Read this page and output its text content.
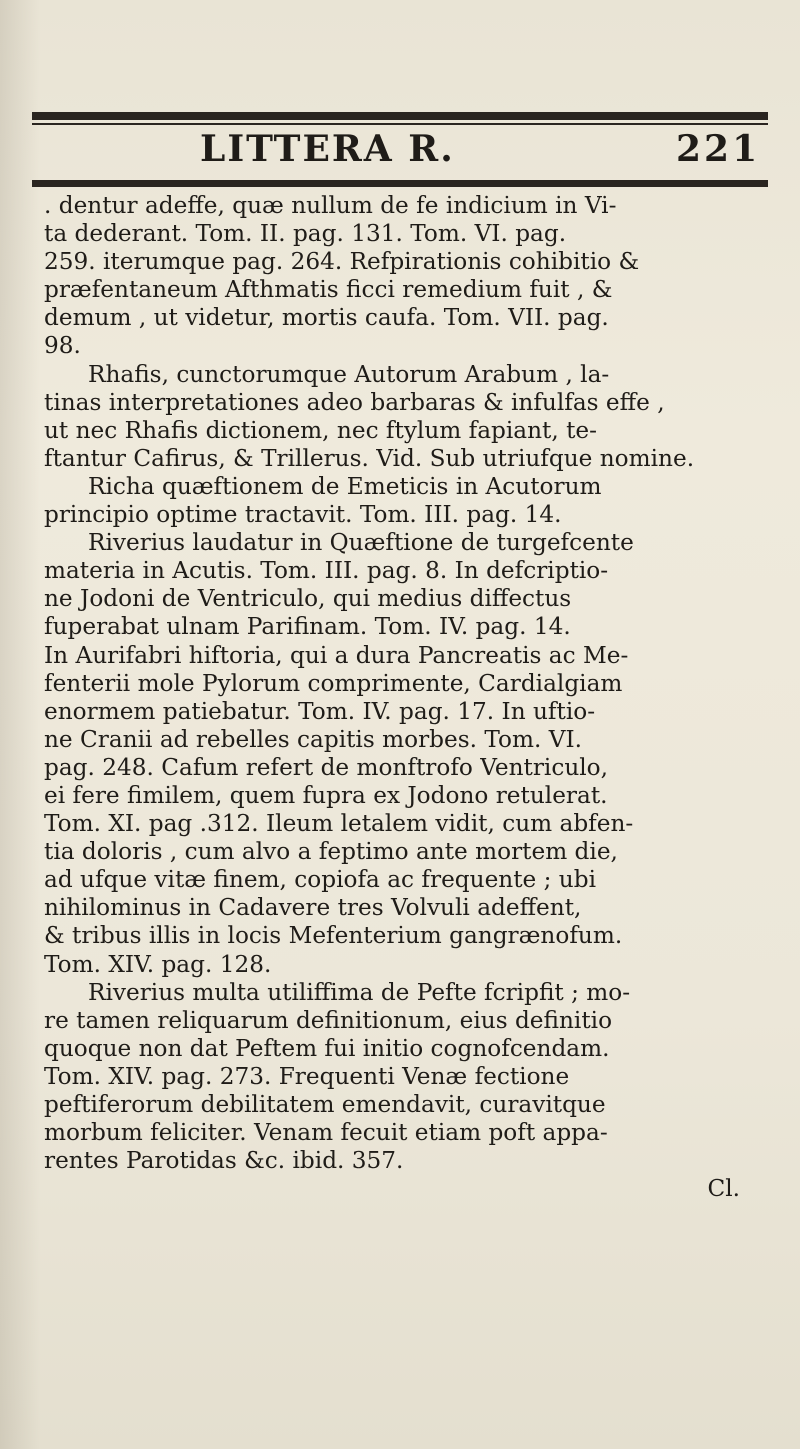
LITTERA R.	221
. dentur adeffe, quæ nullum de fe indicium in Vi-
ta dederant. Tom. II. pag. 131. Tom. VI. pag.
259. iterumque pag. 264. Refpirationis cohibitio &
præfentaneum Afthmatis ficci remedium fuit , &
demum , ut videtur, mortis caufa. Tom. VII. pag.
98.
Rhafis, cunctorumque Autorum Arabum , la-
tinas interpretationes adeo barbaras & infulfas effe ,
ut nec Rhafis dictionem, nec ftylum fapiant, te-
ftantur Cafirus, & Trillerus. Vid. Sub utriufque nomine.
Richa quæftionem de Emeticis in Acutorum
principio optime tractavit. Tom. III. pag. 14.
Riverius laudatur in Quæftione de turgefcente
materia in Acutis. Tom. III. pag. 8. In defcriptio-
ne Jodoni de Ventriculo, qui medius diffectus
fuperabat ulnam Parifinam. Tom. IV. pag. 14.
In Aurifabri hiftoria, qui a dura Pancreatis ac Me-
fenterii mole Pylorum comprimente, Cardialgiam
enormem patiebatur. Tom. IV. pag. 17. In uftio-
ne Cranii ad rebelles capitis morbes. Tom. VI.
pag. 248. Cafum refert de monftrofo Ventriculo,
ei fere fimilem, quem fupra ex Jodono retulerat.
Tom. XI. pag .312. Ileum letalem vidit, cum abfen-
tia doloris , cum alvo a feptimo ante mortem die,
ad ufque vitæ finem, copiofa ac frequente ; ubi
nihilominus in Cadavere tres Volvuli adeffent,
& tribus illis in locis Mefenterium gangrænofum.
Tom. XIV. pag. 128.
Riverius multa utiliffima de Pefte fcripfit ; mo-
re tamen reliquarum definitionum, eius definitio
quoque non dat Peftem fui initio cognofcendam.
Tom. XIV. pag. 273. Frequenti Venæ fectione
peftiferorum debilitatem emendavit, curavitque
morbum feliciter. Venam fecuit etiam poft appa-
rentes Parotidas &c. ibid. 357.
Cl.
